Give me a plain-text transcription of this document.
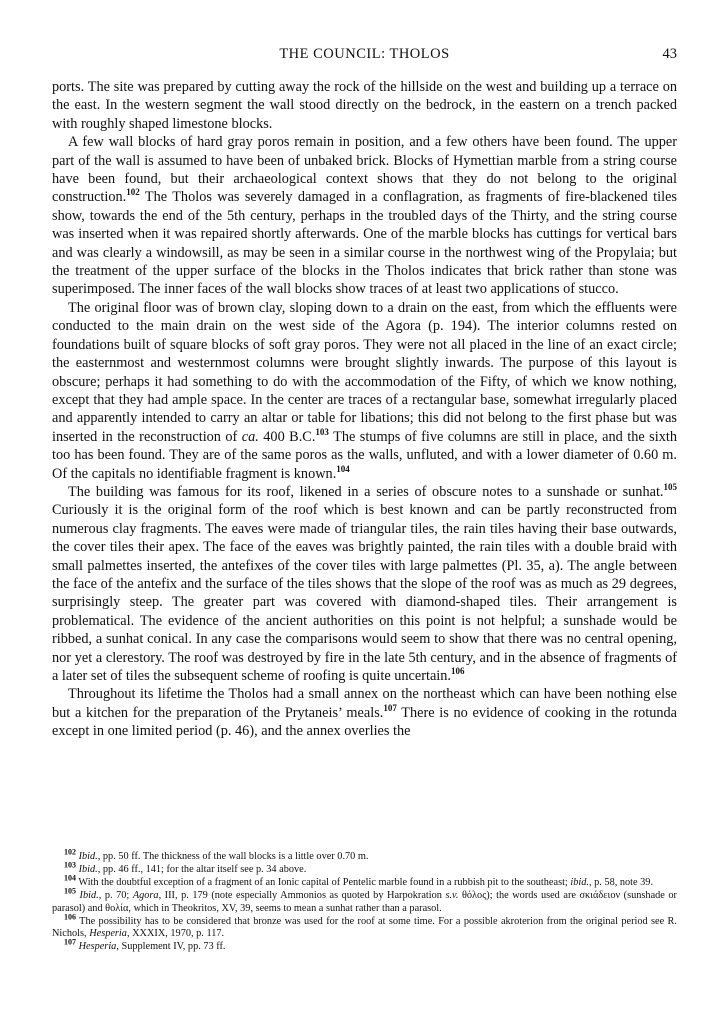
THE COUNCIL: THOLOS	43

ports. The site was prepared by cutting away the rock of the hillside on the west and building up a terrace on the east. In the western segment the wall stood directly on the bedrock, in the eastern on a trench packed with roughly shaped limestone blocks.

A few wall blocks of hard gray poros remain in position, and a few others have been found. The upper part of the wall is assumed to have been of unbaked brick. Blocks of Hymettian marble from a string course have been found, but their archaeological context shows that they do not belong to the original construction.$^{102}$ The Tholos was severely damaged in a conflagration, as fragments of fire-blackened tiles show, towards the end of the 5th century, perhaps in the troubled days of the Thirty, and the string course was inserted when it was repaired shortly afterwards. One of the marble blocks has cuttings for vertical bars and was clearly a windowsill, as may be seen in a similar course in the northwest wing of the Propylaia; but the treatment of the upper surface of the blocks in the Tholos indicates that brick rather than stone was superimposed. The inner faces of the wall blocks show traces of at least two applications of stucco.

The original floor was of brown clay, sloping down to a drain on the east, from which the effluents were conducted to the main drain on the west side of the Agora (p. 194). The interior columns rested on foundations built of square blocks of soft gray poros. They were not all placed in the line of an exact circle; the easternmost and westernmost columns were brought slightly inwards. The purpose of this layout is obscure; perhaps it had something to do with the accommodation of the Fifty, of which we know nothing, except that they had ample space. In the center are traces of a rectangular base, somewhat irregularly placed and apparently intended to carry an altar or table for libations; this did not belong to the first phase but was inserted in the reconstruction of ca. 400 B.C.$^{103}$ The stumps of five columns are still in place, and the sixth too has been found. They are of the same poros as the walls, unfluted, and with a lower diameter of 0.60 m. Of the capitals no identifiable fragment is known.$^{104}$

The building was famous for its roof, likened in a series of obscure notes to a sunshade or sunhat.$^{105}$ Curiously it is the original form of the roof which is best known and can be partly reconstructed from numerous clay fragments. The eaves were made of triangular tiles, the rain tiles having their base outwards, the cover tiles their apex. The face of the eaves was brightly painted, the rain tiles with a double braid with small palmettes inserted, the antefixes of the cover tiles with large palmettes (Pl. 35, a). The angle between the face of the antefix and the surface of the tiles shows that the slope of the roof was as much as 29 degrees, surprisingly steep. The greater part was covered with diamond-shaped tiles. Their arrangement is problematical. The evidence of the ancient authorities on this point is not helpful; a sunshade would be ribbed, a sunhat conical. In any case the comparisons would seem to show that there was no central opening, nor yet a clerestory. The roof was destroyed by fire in the late 5th century, and in the absence of fragments of a later set of tiles the subsequent scheme of roofing is quite uncertain.$^{106}$

Throughout its lifetime the Tholos had a small annex on the northeast which can have been nothing else but a kitchen for the preparation of the Prytaneis’ meals.$^{107}$ There is no evidence of cooking in the rotunda except in one limited period (p. 46), and the annex overlies the

$^{102}$ Ibid., pp. 50 ff. The thickness of the wall blocks is a little over 0.70 m.

$^{103}$ Ibid., pp. 46 ff., 141; for the altar itself see p. 34 above.

$^{104}$ With the doubtful exception of a fragment of an Ionic capital of Pentelic marble found in a rubbish pit to the southeast; ibid., p. 58, note 39.

$^{105}$ Ibid., p. 70; Agora, III, p. 179 (note especially Ammonios as quoted by Harpokration s.v. θόλος); the words used are σκιάδειον (sunshade or parasol) and θολία, which in Theokritos, XV, 39, seems to mean a sunhat rather than a parasol.

$^{106}$ The possibility has to be considered that bronze was used for the roof at some time. For a possible akroterion from the original period see R. Nichols, Hesperia, XXXIX, 1970, p. 117.

$^{107}$ Hesperia, Supplement IV, pp. 73 ff.
